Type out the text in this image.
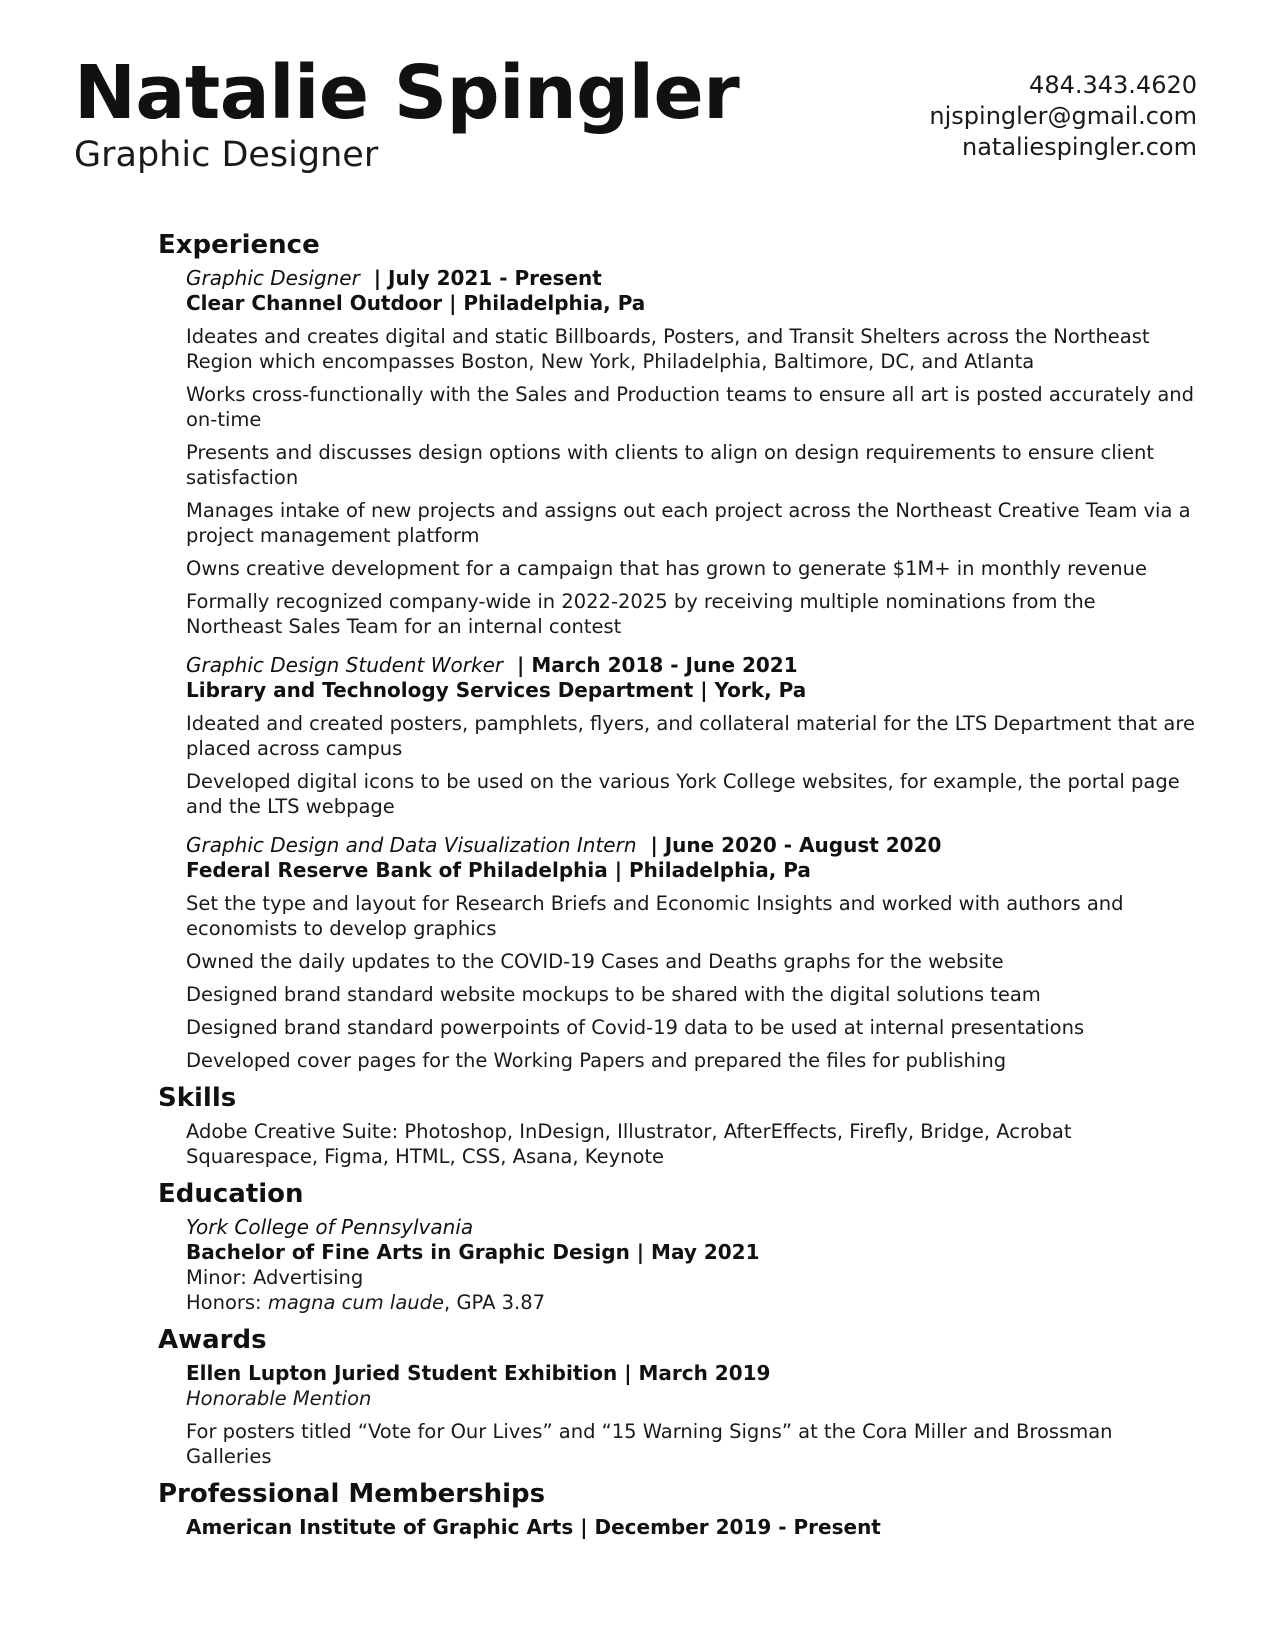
Natalie Spingler
Graphic Designer
484.343.4620
njspingler@gmail.com
nataliespingler.com
Experience
Graphic Designer | July 2021 - Present
Clear Channel Outdoor | Philadelphia, Pa
Ideates and creates digital and static Billboards, Posters, and Transit Shelters across the Northeast Region which encompasses Boston, New York, Philadelphia, Baltimore, DC, and Atlanta
Works cross-functionally with the Sales and Production teams to ensure all art is posted accurately and on-time
Presents and discusses design options with clients to align on design requirements to ensure client satisfaction
Manages intake of new projects and assigns out each project across the Northeast Creative Team via a project management platform
Owns creative development for a campaign that has grown to generate $1M+ in monthly revenue
Formally recognized company-wide in 2022-2025 by receiving multiple nominations from the Northeast Sales Team for an internal contest
Graphic Design Student Worker | March 2018 - June 2021
Library and Technology Services Department | York, Pa
Ideated and created posters, pamphlets, flyers, and collateral material for the LTS Department that are placed across campus
Developed digital icons to be used on the various York College websites, for example, the portal page and the LTS webpage
Graphic Design and Data Visualization Intern | June 2020 - August 2020
Federal Reserve Bank of Philadelphia | Philadelphia, Pa
Set the type and layout for Research Briefs and Economic Insights and worked with authors and economists to develop graphics
Owned the daily updates to the COVID-19 Cases and Deaths graphs for the website
Designed brand standard website mockups to be shared with the digital solutions team
Designed brand standard powerpoints of Covid-19 data to be used at internal presentations
Developed cover pages for the Working Papers and prepared the files for publishing
Skills
Adobe Creative Suite: Photoshop, InDesign, Illustrator, AfterEffects, Firefly, Bridge, Acrobat
Squarespace, Figma, HTML, CSS, Asana, Keynote
Education
York College of Pennsylvania
Bachelor of Fine Arts in Graphic Design | May 2021
Minor: Advertising
Honors: magna cum laude, GPA 3.87
Awards
Ellen Lupton Juried Student Exhibition | March 2019
Honorable Mention
For posters titled “Vote for Our Lives” and “15 Warning Signs” at the Cora Miller and Brossman Galleries
Professional Memberships
American Institute of Graphic Arts | December 2019 - Present
